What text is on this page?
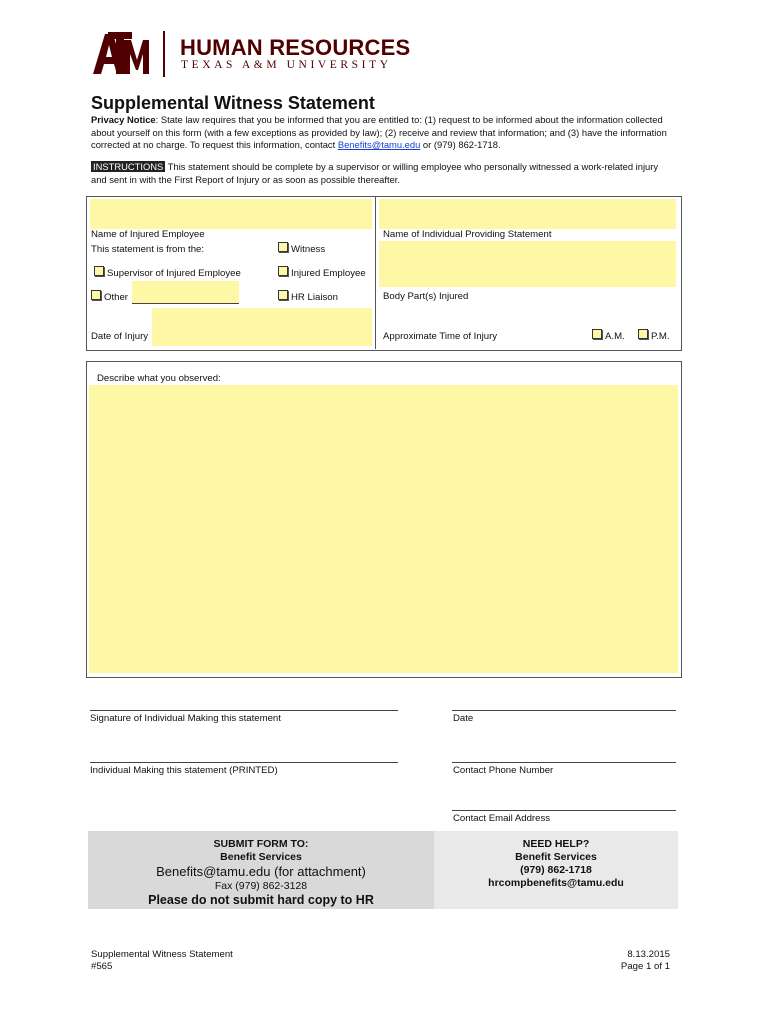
HUMAN RESOURCES
TEXAS A&M UNIVERSITY
Supplemental Witness Statement
Privacy Notice: State law requires that you be informed that you are entitled to: (1) request to be informed about the information collected about yourself on this form (with a few exceptions as provided by law); (2) receive and review that information; and (3) have the information corrected at no charge. To request this information, contact Benefits@tamu.edu or (979) 862-1718.
INSTRUCTIONS This statement should be complete by a supervisor or willing employee who personally witnessed a work-related injury and sent in with the First Report of Injury or as soon as possible thereafter.
Name of Injured Employee
This statement is from the:	Witness
Supervisor of Injured Employee	Injured Employee
Other	HR Liaison
Date of Injury
Name of Individual Providing Statement
Body Part(s) Injured
Approximate Time of Injury	A.M.	P.M.
Describe what you observed:
Signature of Individual Making this statement	Date
Individual Making this statement (PRINTED)	Contact Phone Number
Contact Email Address
SUBMIT FORM TO:
Benefit Services
Benefits@tamu.edu (for attachment)
Fax (979) 862-3128
Please do not submit hard copy to HR
NEED HELP?
Benefit Services
(979) 862-1718
hrcompbenefits@tamu.edu
Supplemental Witness Statement
#565
8.13.2015
Page 1 of 1
